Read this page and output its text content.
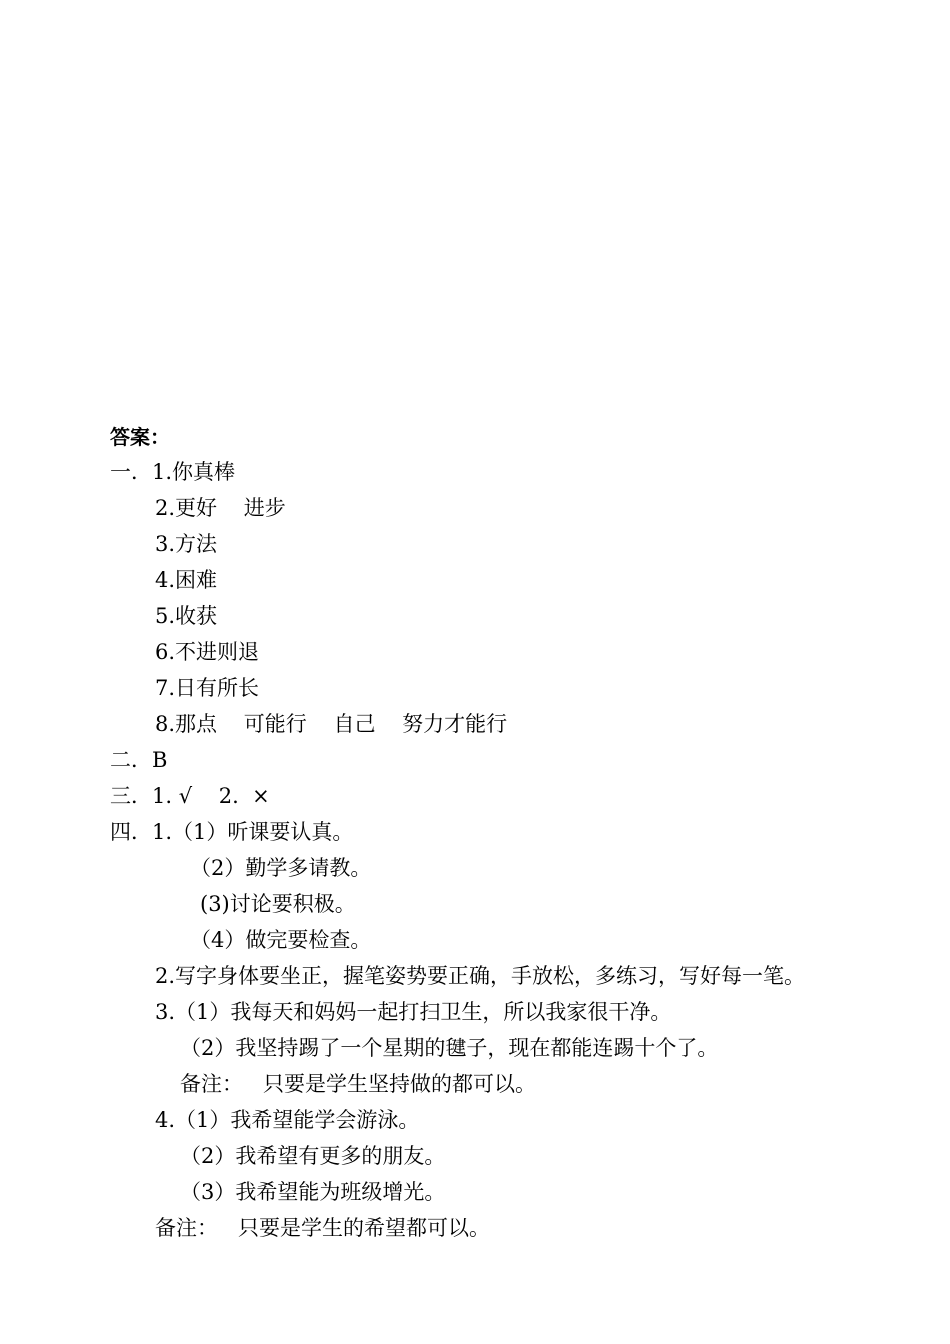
答案：
一．1.你真棒
2.更好    进步
3.方法
4.困难
5.收获
6.不进则退
7.日有所长
8.那点    可能行    自己    努力才能行
二．B
三．1. √    2.  ×
四．1.（1）听课要认真。
（2）勤学多请教。
(3)讨论要积极。
（4）做完要检查。
2.写字身体要坐正，握笔姿势要正确，手放松，多练习，写好每一笔。
3.（1）我每天和妈妈一起打扫卫生，所以我家很干净。
（2）我坚持踢了一个星期的毽子，现在都能连踢十个了。
备注：   只要是学生坚持做的都可以。
4.（1）我希望能学会游泳。
（2）我希望有更多的朋友。
（3）我希望能为班级增光。
备注：   只要是学生的希望都可以。
